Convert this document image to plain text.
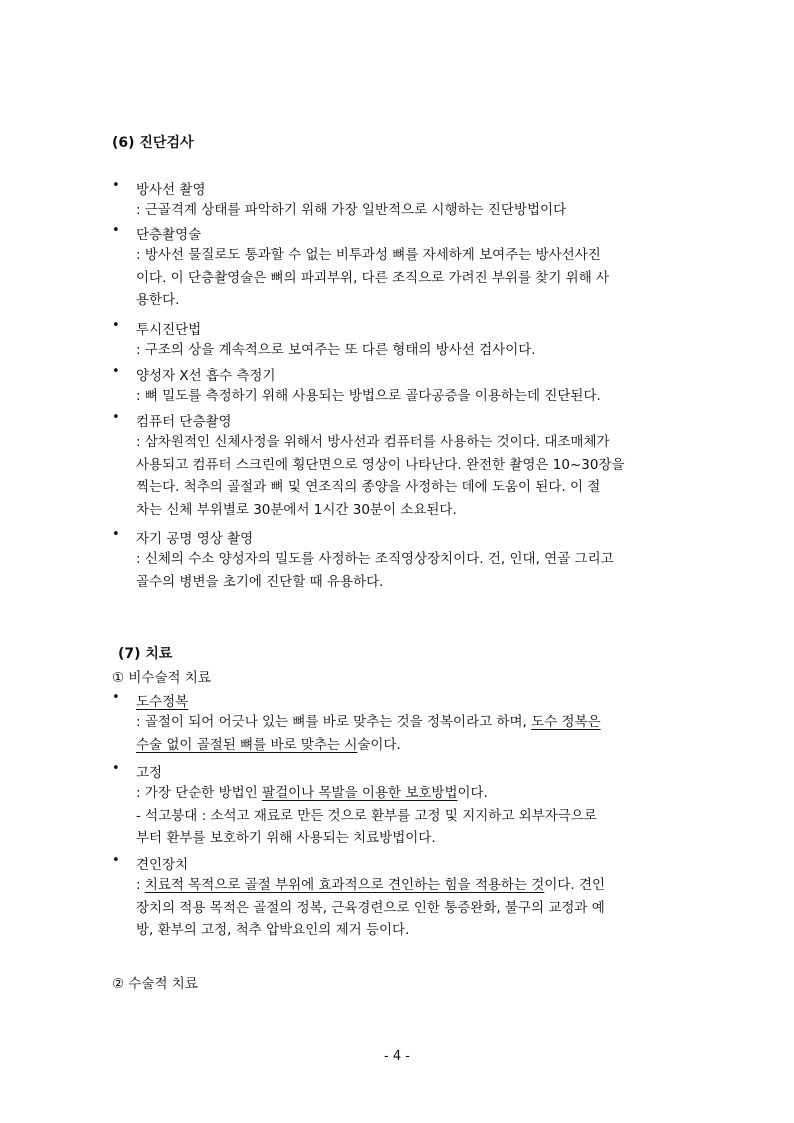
(6) 진단검사
• 방사선 촬영

: 근골격계 상태를 파악하기 위해 가장 일반적으로 시행하는 진단방법이다

• 단층촬영술

: 방사선 물질로도 통과할 수 없는 비투과성 뼈를 자세하게 보여주는 방사선사진
이다. 이 단층촬영술은 뼈의 파괴부위, 다른 조직으로 가려진 부위를 찾기 위해 사
용한다.

• 투시진단법

: 구조의 상을 계속적으로 보여주는 또 다른 형태의 방사선 검사이다.

• 양성자 X선 흡수 측정기

: 뼈 밀도를 측정하기 위해 사용되는 방법으로 골다공증을 이용하는데 진단된다.

• 컴퓨터 단층촬영

: 삼차원적인 신체사정을 위해서 방사선과 컴퓨터를 사용하는 것이다. 대조매체가
사용되고 컴퓨터 스크린에 횡단면으로 영상이 나타난다. 완전한 촬영은 10~30장을
찍는다. 척추의 골절과 뼈 및 연조직의 종양을 사정하는 데에 도움이 된다. 이 절
차는 신체 부위별로 30분에서 1시간 30분이 소요된다.

• 자기 공명 영상 촬영

: 신체의 수소 양성자의 밀도를 사정하는 조직영상장치이다. 건, 인대, 연골 그리고
골수의 병변을 초기에 진단할 때 유용하다.

(7) 치료
① 비수술적 치료
• 도수정복

: 골절이 되어 어긋나 있는 뼈를 바로 맞추는 것을 정복이라고 하며, 도수 정복은
수술 없이 골절된 뼈를 바로 맞추는 시술이다.

• 고정

: 가장 단순한 방법인 팔걸이나 목발을 이용한 보호방법이다.
- 석고붕대 : 소석고 재료로 만든 것으로 환부를 고정 및 지지하고 외부자극으로
부터 환부를 보호하기 위해 사용되는 치료방법이다.

• 견인장치

: 치료적 목적으로 골절 부위에 효과적으로 견인하는 힘을 적용하는 것이다. 견인
장치의 적용 목적은 골절의 정복, 근육경련으로 인한 통증완화, 불구의 교정과 예
방, 환부의 고정, 척추 압박요인의 제거 등이다.

② 수술적 치료
- 4 -
